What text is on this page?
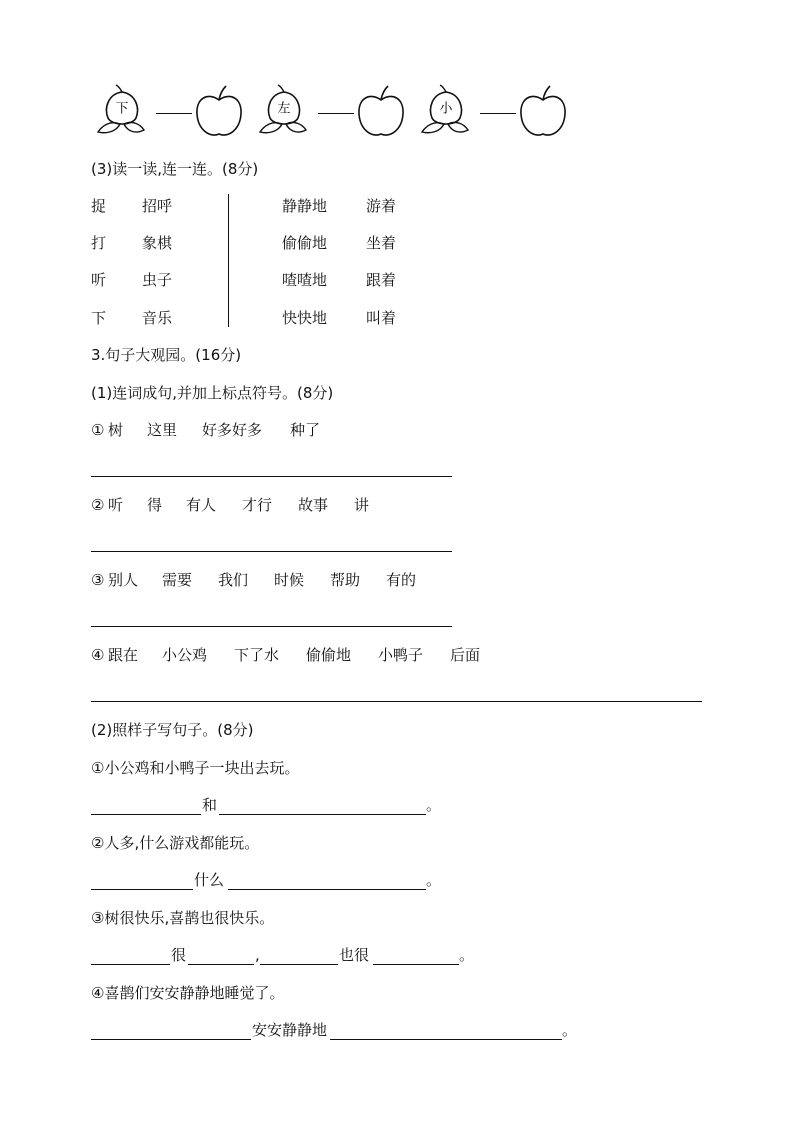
下	左	小
(3)读一读,连一连。(8分)
捉 招呼
打 象棋
听 虫子
下 音乐
静静地	游着
偷偷地	坐着
喳喳地	跟着
快快地	叫着
3.句子大观园。(16分)
(1)连词成句,并加上标点符号。(8分)
① 树 这里 好多好多 种了
② 听 得 有人 才行 故事 讲
③ 别人 需要 我们 时候 帮助 有的
④ 跟在 小公鸡 下了水 偷偷地 小鸭子 后面
(2)照样子写句子。(8分)
①小公鸡和小鸭子一块出去玩。
和	。
②人多,什么游戏都能玩。
什么	。
③树很快乐,喜鹊也很快乐。
很	,	也很	。
④喜鹊们安安静静地睡觉了。
安安静静地	。
